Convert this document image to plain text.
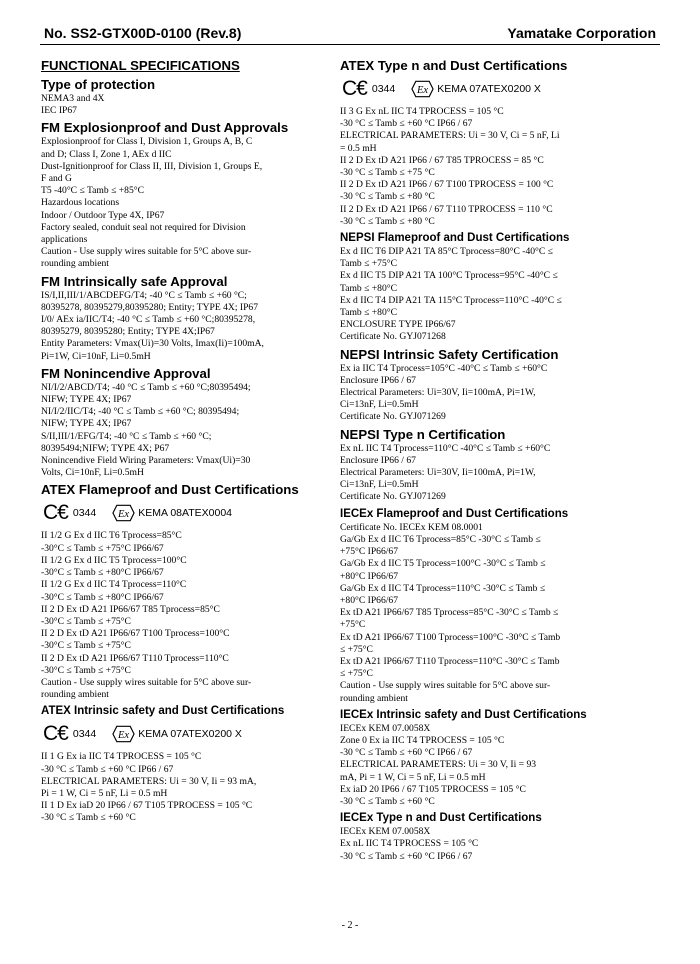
No. SS2-GTX00D-0100 (Rev.8)	Yamatake Corporation
FUNCTIONAL SPECIFICATIONS
Type of protection

NEMA3 and 4X
IEC IP67

FM Explosionproof and Dust Approvals

Explosionproof for Class I, Division 1, Groups A, B, C
and D; Class I, Zone 1, AEx d IIC
Dust-Ignitionproof for Class II, III, Division 1, Groups E,
F and G
T5 -40°C ≤ Tamb ≤ +85°C
Hazardous locations
Indoor / Outdoor Type 4X, IP67
Factory sealed, conduit seal not required for Division
applications
Caution - Use supply wires suitable for 5°C above sur-
rounding ambient

FM Intrinsically safe Approval

IS/I,II,III/1/ABCDEFG/T4; -40 °C ≤ Tamb ≤ +60 °C;
80395278, 80395279,80395280; Entity; TYPE 4X; IP67
I/0/ AEx ia/IIC/T4; -40 °C ≤ Tamb ≤ +60 °C;80395278,
80395279, 80395280; Entity; TYPE 4X;IP67
Entity Parameters: Vmax(Ui)=30 Volts, Imax(Ii)=100mA,
Pi=1W, Ci=10nF, Li=0.5mH

FM Nonincendive Approval

NI/I/2/ABCD/T4; -40 °C ≤ Tamb ≤ +60 °C;80395494;
NIFW; TYPE 4X; IP67
NI/I/2/IIC/T4; -40 °C ≤ Tamb ≤ +60 °C; 80395494;
NIFW; TYPE 4X; IP67
S/II,III/1/EFG/T4; -40 °C ≤ Tamb ≤ +60 °C;
80395494;NIFW; TYPE 4X; P67
Nonincendive Field Wiring Parameters: Vmax(Ui)=30
Volts, Ci=10nF, Li=0.5mH

ATEX Flameproof and Dust Certifications
C€ 0344 Ex KEMA 08ATEX0004

II 1/2 G Ex d IIC T6 Tprocess=85°C
-30°C ≤ Tamb ≤ +75°C IP66/67
II 1/2 G Ex d IIC T5 Tprocess=100°C
-30°C ≤ Tamb ≤ +80°C IP66/67
II 1/2 G Ex d IIC T4 Tprocess=110°C
-30°C ≤ Tamb ≤ +80°C IP66/67
II 2 D Ex tD A21 IP66/67 T85 Tprocess=85°C
-30°C ≤ Tamb ≤ +75°C
II 2 D Ex tD A21 IP66/67 T100 Tprocess=100°C
-30°C ≤ Tamb ≤ +75°C
II 2 D Ex tD A21 IP66/67 T110 Tprocess=110°C
-30°C ≤ Tamb ≤ +75°C
Caution - Use supply wires suitable for 5°C above sur-
rounding ambient

ATEX Intrinsic safety and Dust Certifications
C€ 0344 Ex KEMA 07ATEX0200 X

II 1 G Ex ia IIC T4 TPROCESS = 105 °C
-30 °C ≤ Tamb ≤ +60 °C IP66 / 67
ELECTRICAL PARAMETERS: Ui = 30 V, Ii = 93 mA,
Pi = 1 W, Ci = 5 nF, Li = 0.5 mH
II 1 D Ex iaD 20 IP66 / 67 T105 TPROCESS = 105 °C
-30 °C ≤ Tamb ≤ +60 °C

ATEX Type n and Dust Certifications
C€ 0344 Ex KEMA 07ATEX0200 X

II 3 G Ex nL IIC T4 TPROCESS = 105 °C
-30 °C ≤ Tamb ≤ +60 °C IP66 / 67
ELECTRICAL PARAMETERS: Ui = 30 V, Ci = 5 nF, Li
= 0.5 mH
II 2 D Ex tD A21 IP66 / 67 T85 TPROCESS = 85 °C
-30 °C ≤ Tamb ≤ +75 °C
II 2 D Ex tD A21 IP66 / 67 T100 TPROCESS = 100 °C
-30 °C ≤ Tamb ≤ +80 °C
II 2 D Ex tD A21 IP66 / 67 T110 TPROCESS = 110 °C
-30 °C ≤ Tamb ≤ +80 °C

NEPSI Flameproof and Dust Certifications

Ex d IIC T6 DIP A21 TA 85°C Tprocess=80°C -40°C ≤
Tamb ≤ +75°C
Ex d IIC T5 DIP A21 TA 100°C Tprocess=95°C -40°C ≤
Tamb ≤ +80°C
Ex d IIC T4 DIP A21 TA 115°C Tprocess=110°C -40°C ≤
Tamb ≤ +80°C
ENCLOSURE TYPE IP66/67
Certificate No. GYJ071268

NEPSI Intrinsic Safety Certification

Ex ia IIC T4 Tprocess=105°C -40°C ≤ Tamb ≤ +60°C
Enclosure IP66 / 67
Electrical Parameters: Ui=30V, Ii=100mA, Pi=1W,
Ci=13nF, Li=0.5mH
Certificate No. GYJ071269

NEPSI Type n Certification

Ex nL IIC T4 Tprocess=110°C -40°C ≤ Tamb ≤ +60°C
Enclosure IP66 / 67
Electrical Parameters: Ui=30V, Ii=100mA, Pi=1W,
Ci=13nF, Li=0.5mH
Certificate No. GYJ071269

IECEx Flameproof and Dust Certifications

Certificate No. IECEx KEM 08.0001
Ga/Gb Ex d IIC T6 Tprocess=85°C -30°C ≤ Tamb ≤
+75°C IP66/67
Ga/Gb Ex d IIC T5 Tprocess=100°C -30°C ≤ Tamb ≤
+80°C IP66/67
Ga/Gb Ex d IIC T4 Tprocess=110°C -30°C ≤ Tamb ≤
+80°C IP66/67
Ex tD A21 IP66/67 T85 Tprocess=85°C -30°C ≤ Tamb ≤
+75°C
Ex tD A21 IP66/67 T100 Tprocess=100°C -30°C ≤ Tamb
≤ +75°C
Ex tD A21 IP66/67 T110 Tprocess=110°C -30°C ≤ Tamb
≤ +75°C
Caution - Use supply wires suitable for 5°C above sur-
rounding ambient

IECEx Intrinsic safety and Dust Certifications

IECEx KEM 07.0058X
Zone 0 Ex ia IIC T4 TPROCESS = 105 °C
-30 °C ≤ Tamb ≤ +60 °C IP66 / 67
ELECTRICAL PARAMETERS: Ui = 30 V, Ii = 93
mA, Pi = 1 W, Ci = 5 nF, Li = 0.5 mH
Ex iaD 20 IP66 / 67 T105 TPROCESS = 105 °C
-30 °C ≤ Tamb ≤ +60 °C

IECEx Type n and Dust Certifications

IECEx KEM 07.0058X
Ex nL IIC T4 TPROCESS = 105 °C
-30 °C ≤ Tamb ≤ +60 °C IP66 / 67

- 2 -
